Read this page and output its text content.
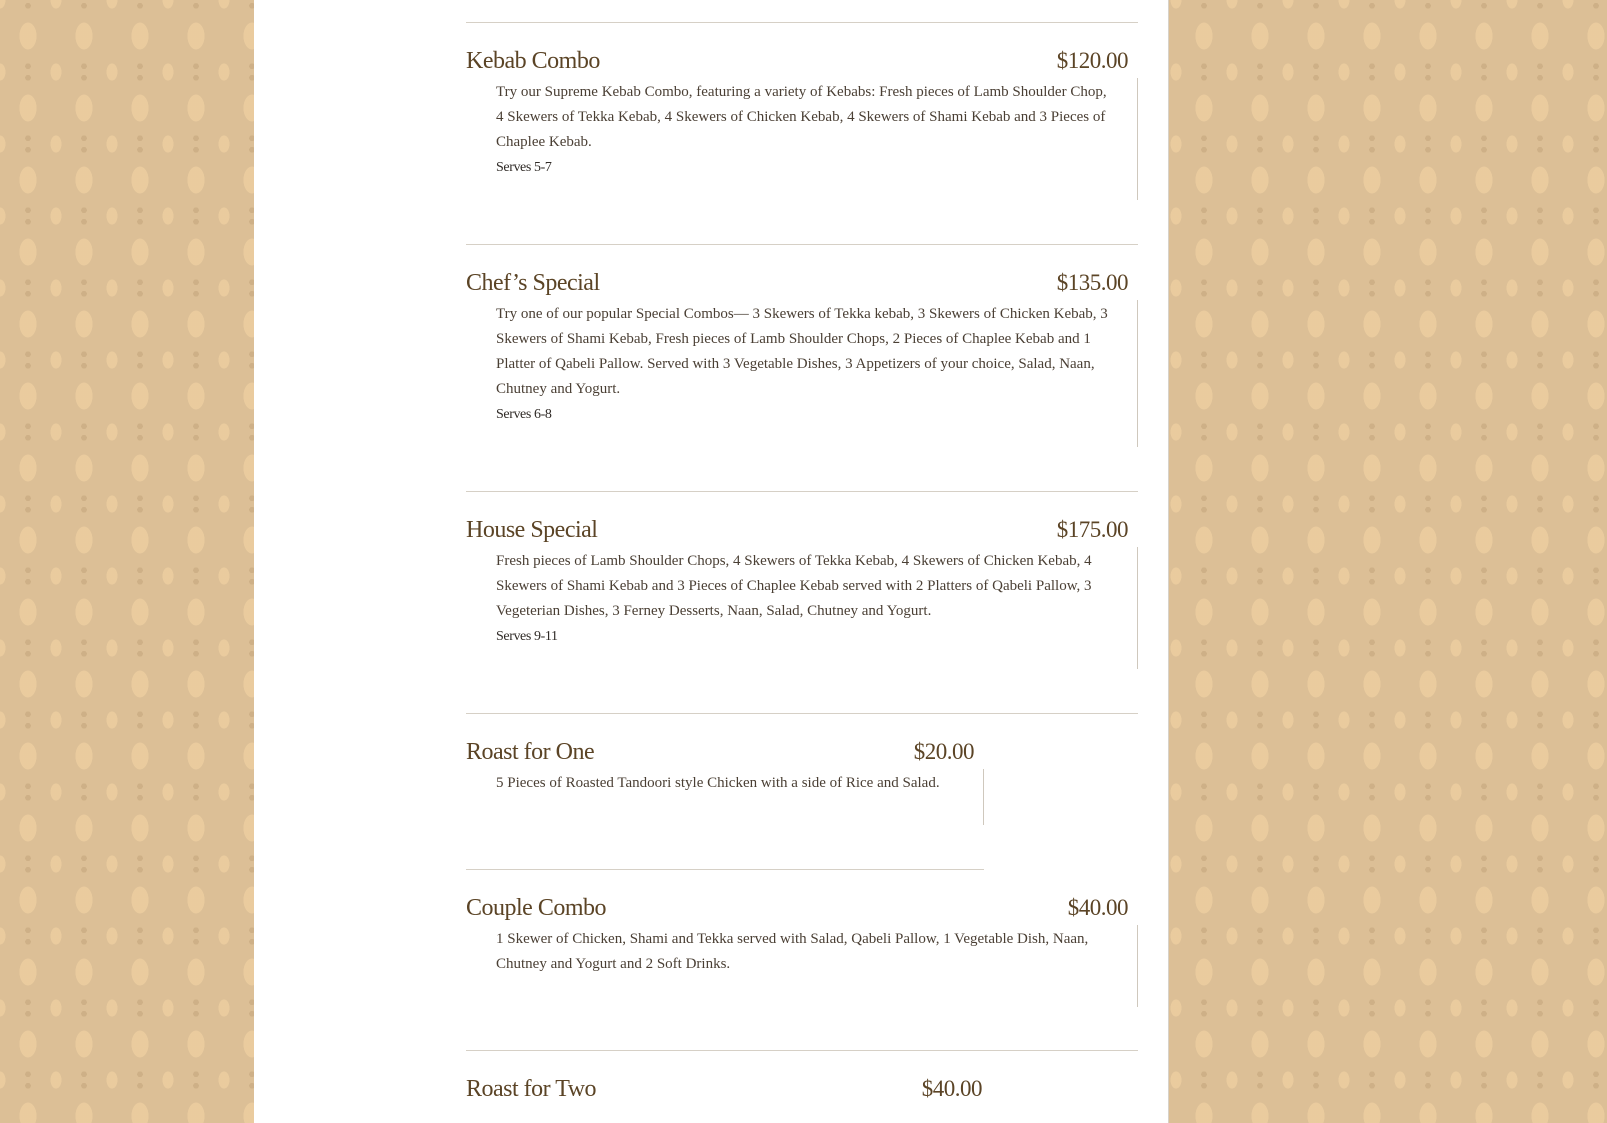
Kebab Combo	$120.00

Try our Supreme Kebab Combo, featuring a variety of Kebabs: Fresh pieces of Lamb Shoulder Chop, 4 Skewers of Tekka Kebab, 4 Skewers of Chicken Kebab, 4 Skewers of Shami Kebab and 3 Pieces of Chaplee Kebab.

Serves 5-7

Chef’s Special	$135.00

Try one of our popular Special Combos— 3 Skewers of Tekka kebab, 3 Skewers of Chicken Kebab, 3 Skewers of Shami Kebab, Fresh pieces of Lamb Shoulder Chops, 2 Pieces of Chaplee Kebab and 1 Platter of Qabeli Pallow. Served with 3 Vegetable Dishes, 3 Appetizers of your choice, Salad, Naan, Chutney and Yogurt.

Serves 6-8

House Special	$175.00

Fresh pieces of Lamb Shoulder Chops, 4 Skewers of Tekka Kebab, 4 Skewers of Chicken Kebab, 4 Skewers of Shami Kebab and 3 Pieces of Chaplee Kebab served with 2 Platters of Qabeli Pallow, 3 Vegeterian Dishes, 3 Ferney Desserts, Naan, Salad, Chutney and Yogurt.

Serves 9-11

Roast for One	$20.00

5 Pieces of Roasted Tandoori style Chicken with a side of Rice and Salad.

Couple Combo	$40.00

1 Skewer of Chicken, Shami and Tekka served with Salad, Qabeli Pallow, 1 Vegetable Dish, Naan, Chutney and Yogurt and 2 Soft Drinks.

Roast for Two	$40.00
